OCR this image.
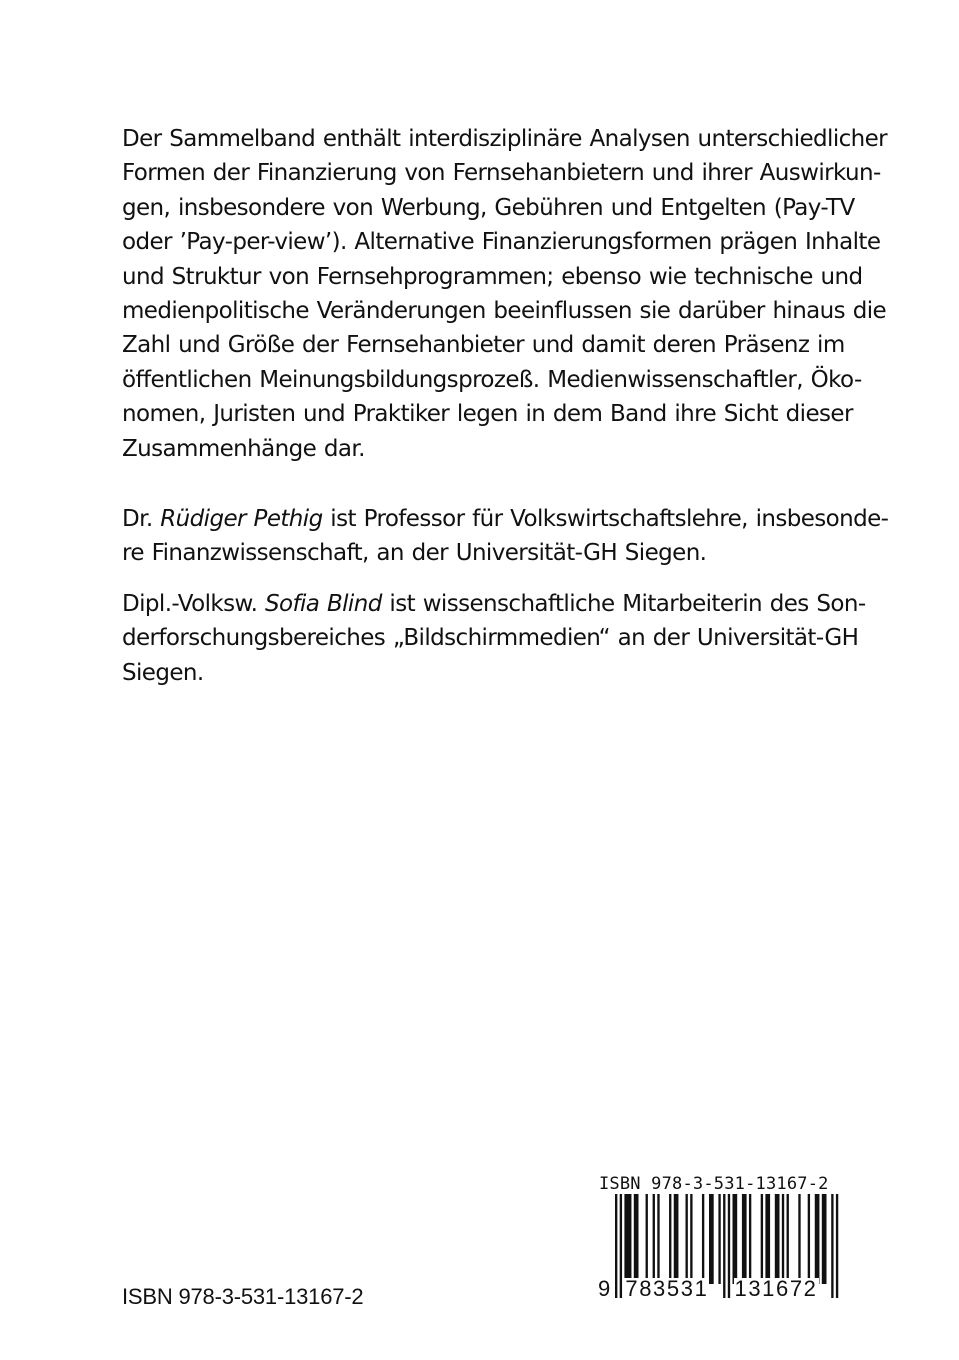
Der Sammelband enthält interdisziplinäre Analysen unterschiedlicher
Formen der Finanzierung von Fernsehanbietern und ihrer Auswirkun-
gen, insbesondere von Werbung, Gebühren und Entgelten (Pay-TV
oder ’Pay-per-view’). Alternative Finanzierungsformen prägen Inhalte
und Struktur von Fernsehprogrammen; ebenso wie technische und
medienpolitische Veränderungen beeinflussen sie darüber hinaus die
Zahl und Größe der Fernsehanbieter und damit deren Präsenz im
öffentlichen Meinungsbildungsprozeß. Medienwissenschaftler, Öko-
nomen, Juristen und Praktiker legen in dem Band ihre Sicht dieser
Zusammenhänge dar.
Dr. Rüdiger Pethig ist Professor für Volkswirtschaftslehre, insbesonde-
re Finanzwissenschaft, an der Universität-GH Siegen.
Dipl.-Volksw. Sofia Blind ist wissenschaftliche Mitarbeiterin des Son-
derforschungsbereiches „Bildschirmmedien“ an der Universität-GH
Siegen.
ISBN 978-3-531-13167-2
ISBN 978-3-531-13167-2
9 783531 131672
